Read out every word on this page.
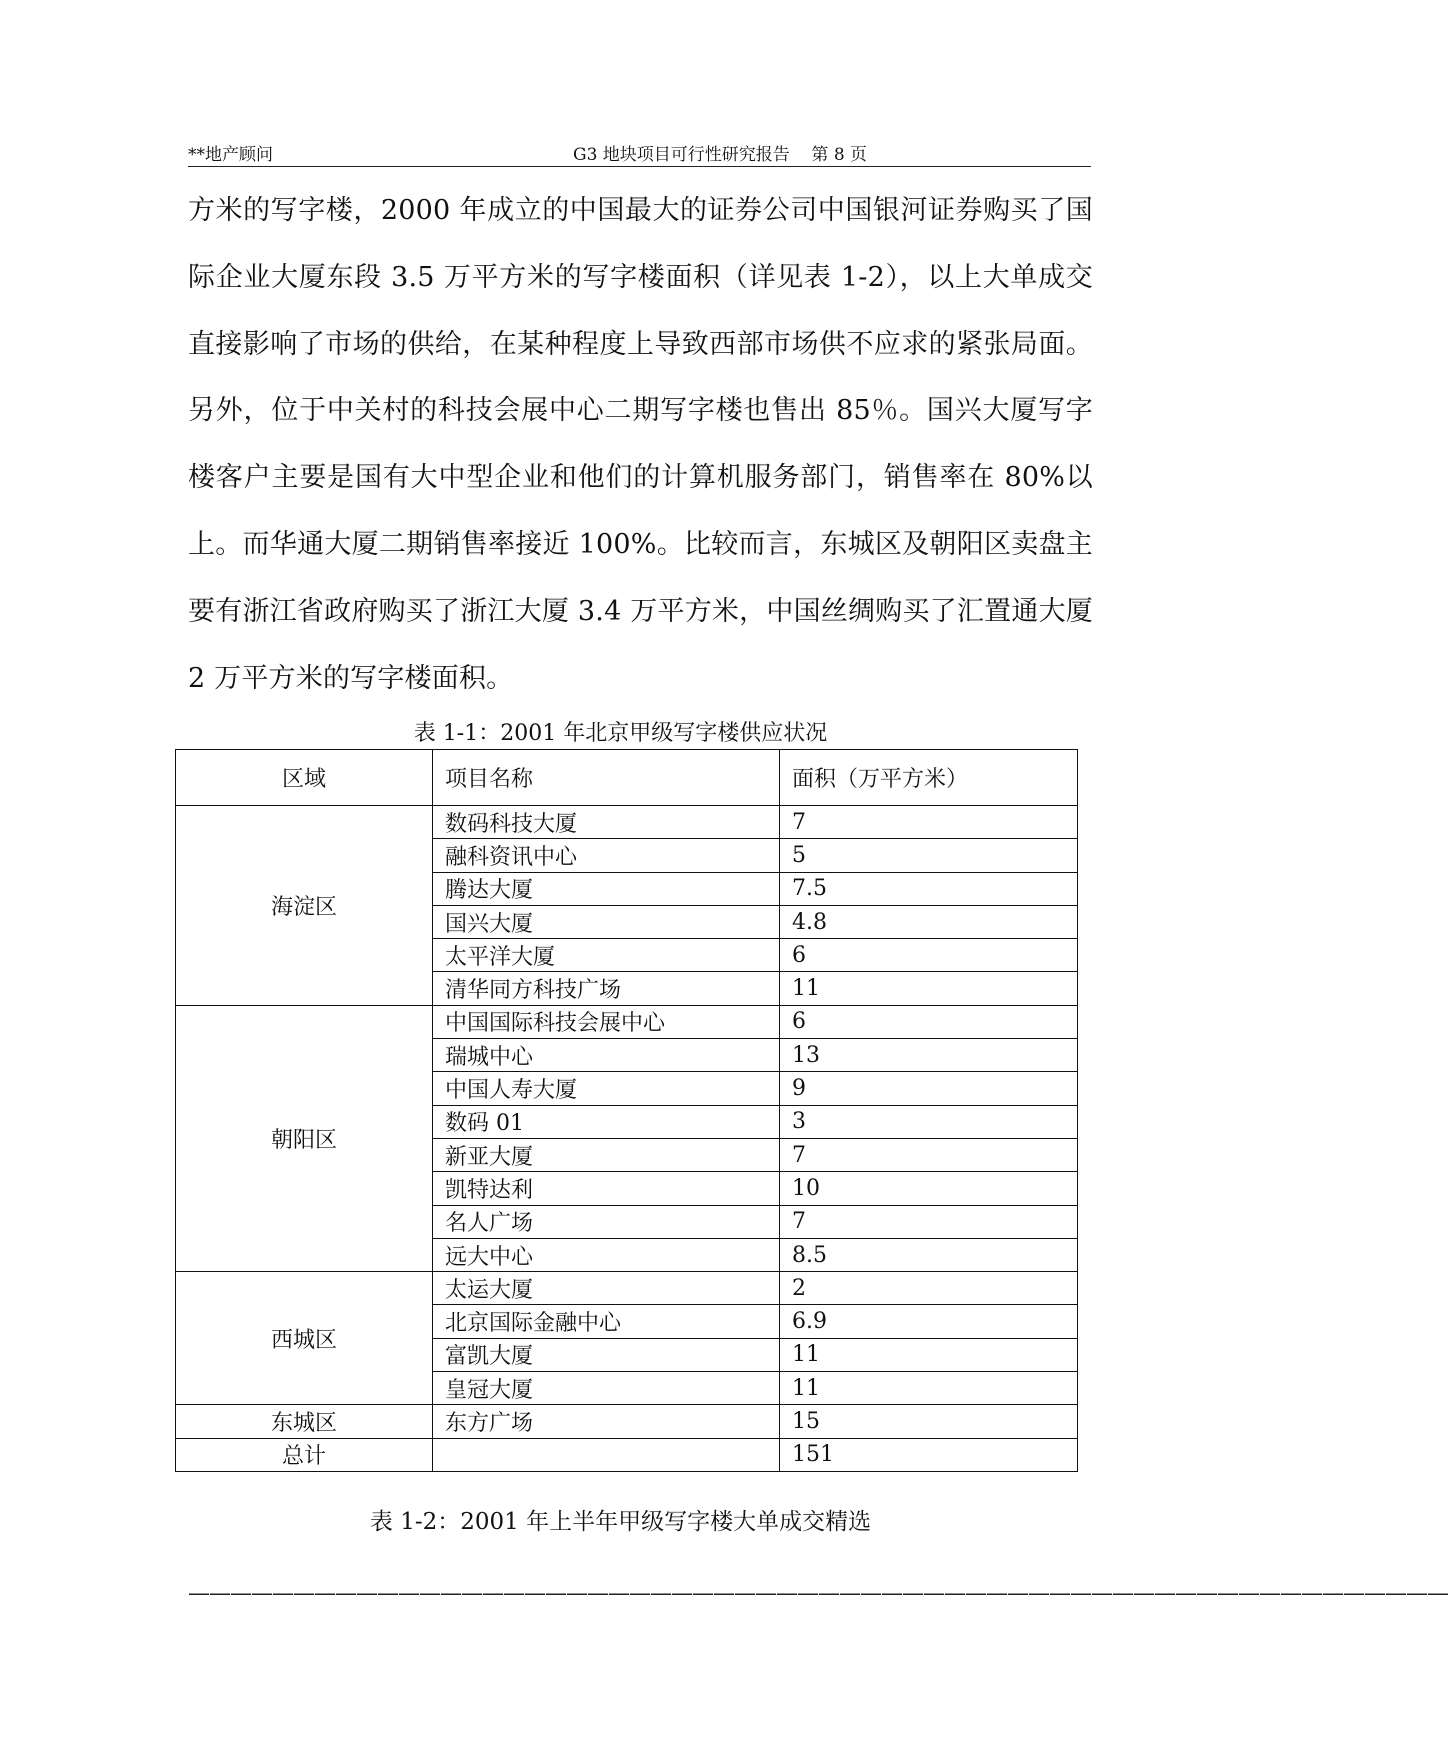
**地产顾问	G3 地块项目可行性研究报告    第 8 页

方米的写字楼，2000 年成立的中国最大的证券公司中国银河证券购买了国际企业大厦东段 3.5 万平方米的写字楼面积（详见表 1-2），以上大单成交直接影响了市场的供给，在某种程度上导致西部市场供不应求的紧张局面。另外，位于中关村的科技会展中心二期写字楼也售出 85％。国兴大厦写字楼客户主要是国有大中型企业和他们的计算机服务部门，销售率在 80%以上。而华通大厦二期销售率接近 100%。比较而言，东城区及朝阳区卖盘主要有浙江省政府购买了浙江大厦 3.4 万平方米，中国丝绸购买了汇置通大厦 2 万平方米的写字楼面积。

表 1-1：2001 年北京甲级写字楼供应状况
区域	项目名称	面积（万平方米）
海淀区	数码科技大厦	7
	融科资讯中心	5
	腾达大厦	7.5
	国兴大厦	4.8
	太平洋大厦	6
	清华同方科技广场	11
朝阳区	中国国际科技会展中心	6
	瑞城中心	13
	中国人寿大厦	9
	数码 01	3
	新亚大厦	7
	凯特达利	10
	名人广场	7
	远大中心	8.5
西城区	太运大厦	2
	北京国际金融中心	6.9
	富凯大厦	11
	皇冠大厦	11
东城区	东方广场	15
总计		151
表 1-2：2001 年上半年甲级写字楼大单成交精选
————————————————————————————————————————————————————————————
